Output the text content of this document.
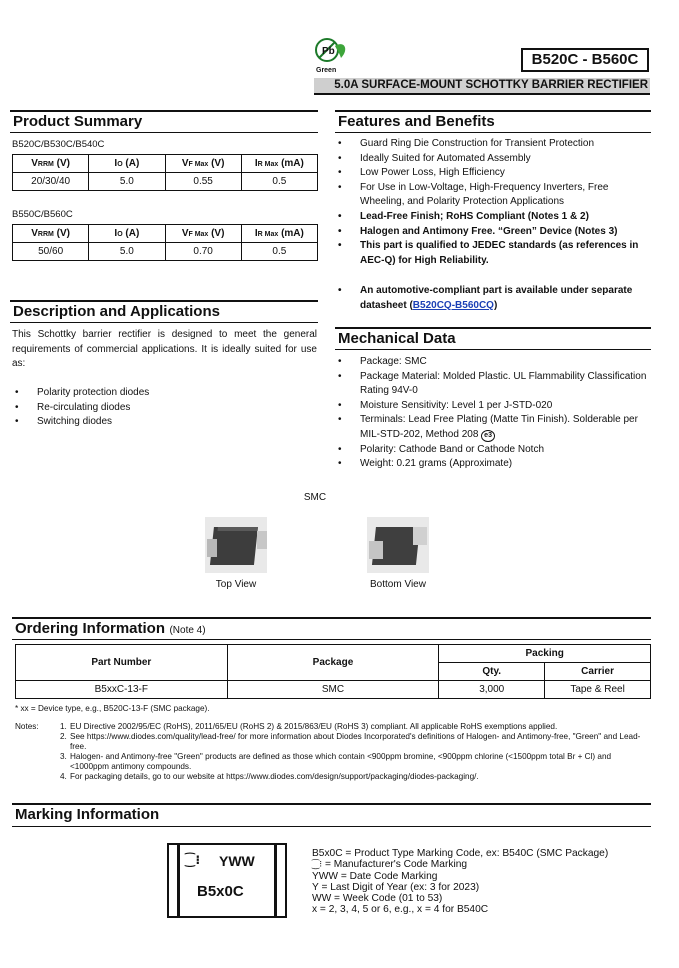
Pb
Green
B520C - B560C
5.0A SURFACE-MOUNT SCHOTTKY BARRIER RECTIFIER
Product Summary
B520C/B530C/B540C
VRRM (V)	IO (A)	VF Max (V)	IR Max (mA)
20/30/40	5.0	0.55	0.5
B550C/B560C
VRRM (V)	IO (A)	VF Max (V)	IR Max (mA)
50/60	5.0	0.70	0.5
Description and Applications
This Schottky barrier rectifier is designed to meet the general requirements of commercial applications. It is ideally suited for use as:
• Polarity protection diodes
• Re-circulating diodes
• Switching diodes
Features and Benefits
• Guard Ring Die Construction for Transient Protection
• Ideally Suited for Automated Assembly
• Low Power Loss, High Efficiency
• For Use in Low-Voltage, High-Frequency Inverters, Free Wheeling, and Polarity Protection Applications
• Lead-Free Finish; RoHS Compliant (Notes 1 & 2)
• Halogen and Antimony Free. “Green” Device (Notes 3)
• This part is qualified to JEDEC standards (as references in AEC-Q) for High Reliability.
• An automotive-compliant part is available under separate datasheet (B520CQ-B560CQ)
Mechanical Data
• Package: SMC
• Package Material: Molded Plastic. UL Flammability Classification Rating 94V-0
• Moisture Sensitivity: Level 1 per J-STD-020
• Terminals: Lead Free Plating (Matte Tin Finish). Solderable per MIL-STD-202, Method 208 e3
• Polarity: Cathode Band or Cathode Notch
• Weight: 0.21 grams (Approximate)
SMC
Top View	Bottom View
Ordering Information (Note 4)
Part Number	Package	Packing	
		Qty.	Carrier
B5xxC-13-F	SMC	3,000	Tape & Reel
* xx = Device type, e.g., B520C-13-F (SMC package).
Notes:	1. EU Directive 2002/95/EC (RoHS), 2011/65/EU (RoHS 2) & 2015/863/EU (RoHS 3) compliant. All applicable RoHS exemptions applied.
2. See https://www.diodes.com/quality/lead-free/ for more information about Diodes Incorporated's definitions of Halogen- and Antimony-free, "Green" and Lead-free.
3. Halogen- and Antimony-free "Green" products are defined as those which contain <900ppm bromine, <900ppm chlorine (<1500ppm total Br + Cl) and <1000ppm antimony compounds.
4. For packaging details, go to our website at https://www.diodes.com/design/support/packaging/diodes-packaging/.
Marking Information
⁐⁝ YWW
B5x0C
B5x0C = Product Type Marking Code, ex: B540C (SMC Package)
⁐⁝ = Manufacturer's Code Marking
YWW = Date Code Marking
Y = Last Digit of Year (ex: 3 for 2023)
WW = Week Code (01 to 53)
x = 2, 3, 4, 5 or 6, e.g., x = 4 for B540C
